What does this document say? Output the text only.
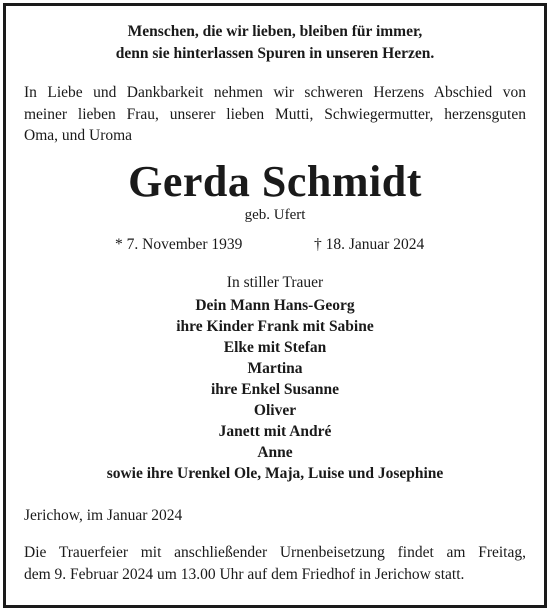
Menschen, die wir lieben, bleiben für immer,
denn sie hinterlassen Spuren in unseren Herzen.
In Liebe und Dankbarkeit nehmen wir schweren Herzens Abschied von
meiner lieben Frau, unserer lieben Mutti, Schwiegermutter, herzensguten
Oma, und Uroma
Gerda Schmidt
geb. Ufert
* 7. November 1939	† 18. Januar 2024
In stiller Trauer
Dein Mann Hans-Georg
ihre Kinder Frank mit Sabine
Elke mit Stefan
Martina
ihre Enkel Susanne
Oliver
Janett mit André
Anne
sowie ihre Urenkel Ole, Maja, Luise und Josephine
Jerichow, im Januar 2024
Die Trauerfeier mit anschließender Urnenbeisetzung findet am Freitag,
dem 9. Februar 2024 um 13.00 Uhr auf dem Friedhof in Jerichow statt.
